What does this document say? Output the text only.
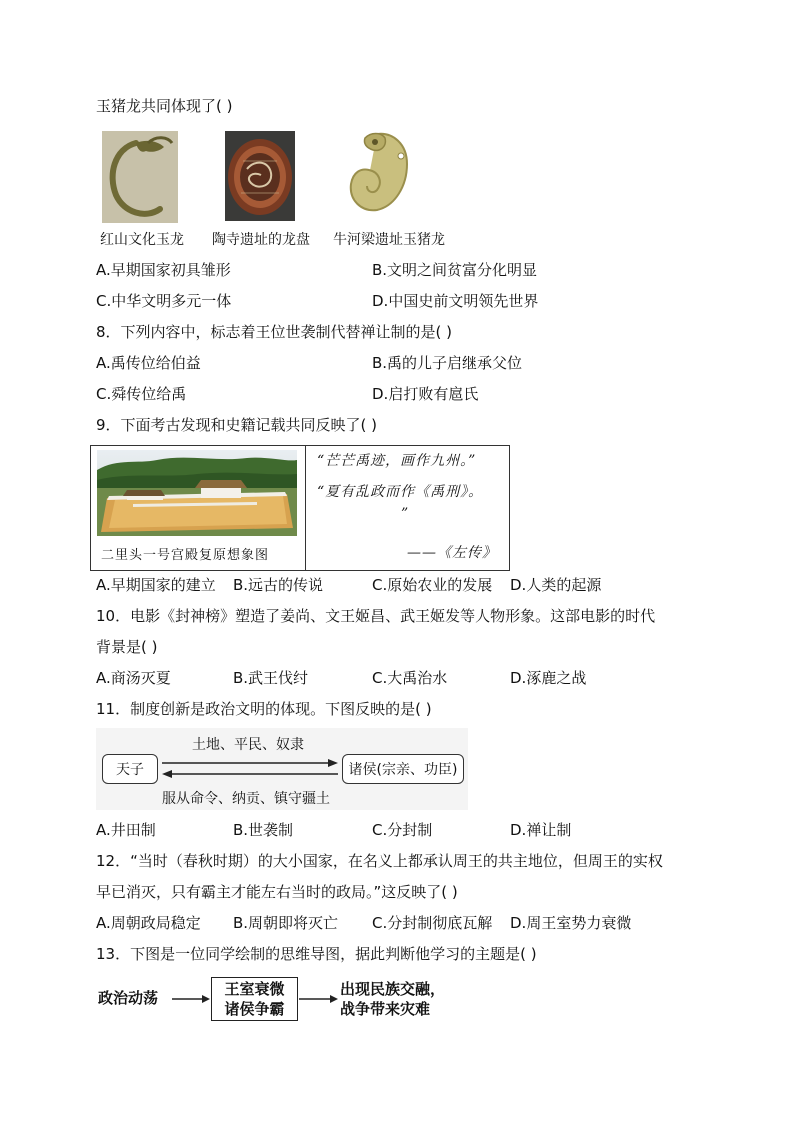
玉猪龙共同体现了( )
红山文化玉龙 陶寺遗址的龙盘 牛河梁遗址玉猪龙
A.早期国家初具雏形	B.文明之间贫富分化明显
C.中华文明多元一体	D.中国史前文明领先世界
8．下列内容中，标志着王位世袭制代替禅让制的是( )
A.禹传位给伯益	B.禹的儿子启继承父位
C.舜传位给禹	D.启打败有扈氏
9．下面考古发现和史籍记载共同反映了( )
二里头一号宫殿复原想象图
“芒芒禹迹，画作九州。”
“夏有乱政而作《禹刑》。
”
——《左传》
A.早期国家的建立 B.远古的传说	C.原始农业的发展 D.人类的起源
10．电影《封神榜》塑造了姜尚、文王姬昌、武王姬发等人物形象。这部电影的时代
背景是( )
A.商汤灭夏	B.武王伐纣	C.大禹治水	D.涿鹿之战
11．制度创新是政治文明的体现。下图反映的是( )
天子	诸侯(宗亲、功臣)
土地、平民、奴隶
服从命令、纳贡、镇守疆土
A.井田制	B.世袭制	C.分封制	D.禅让制
12．“当时（春秋时期）的大小国家，在名义上都承认周王的共主地位，但周王的实权
早已消灭，只有霸主才能左右当时的政局。”这反映了( )
A.周朝政局稳定 B.周朝即将灭亡 C.分封制彻底瓦解 D.周王室势力衰微
13．下图是一位同学绘制的思维导图，据此判断他学习的主题是( )
政治动荡	王室衰微
诸侯争霸
出现民族交融，
战争带来灾难
